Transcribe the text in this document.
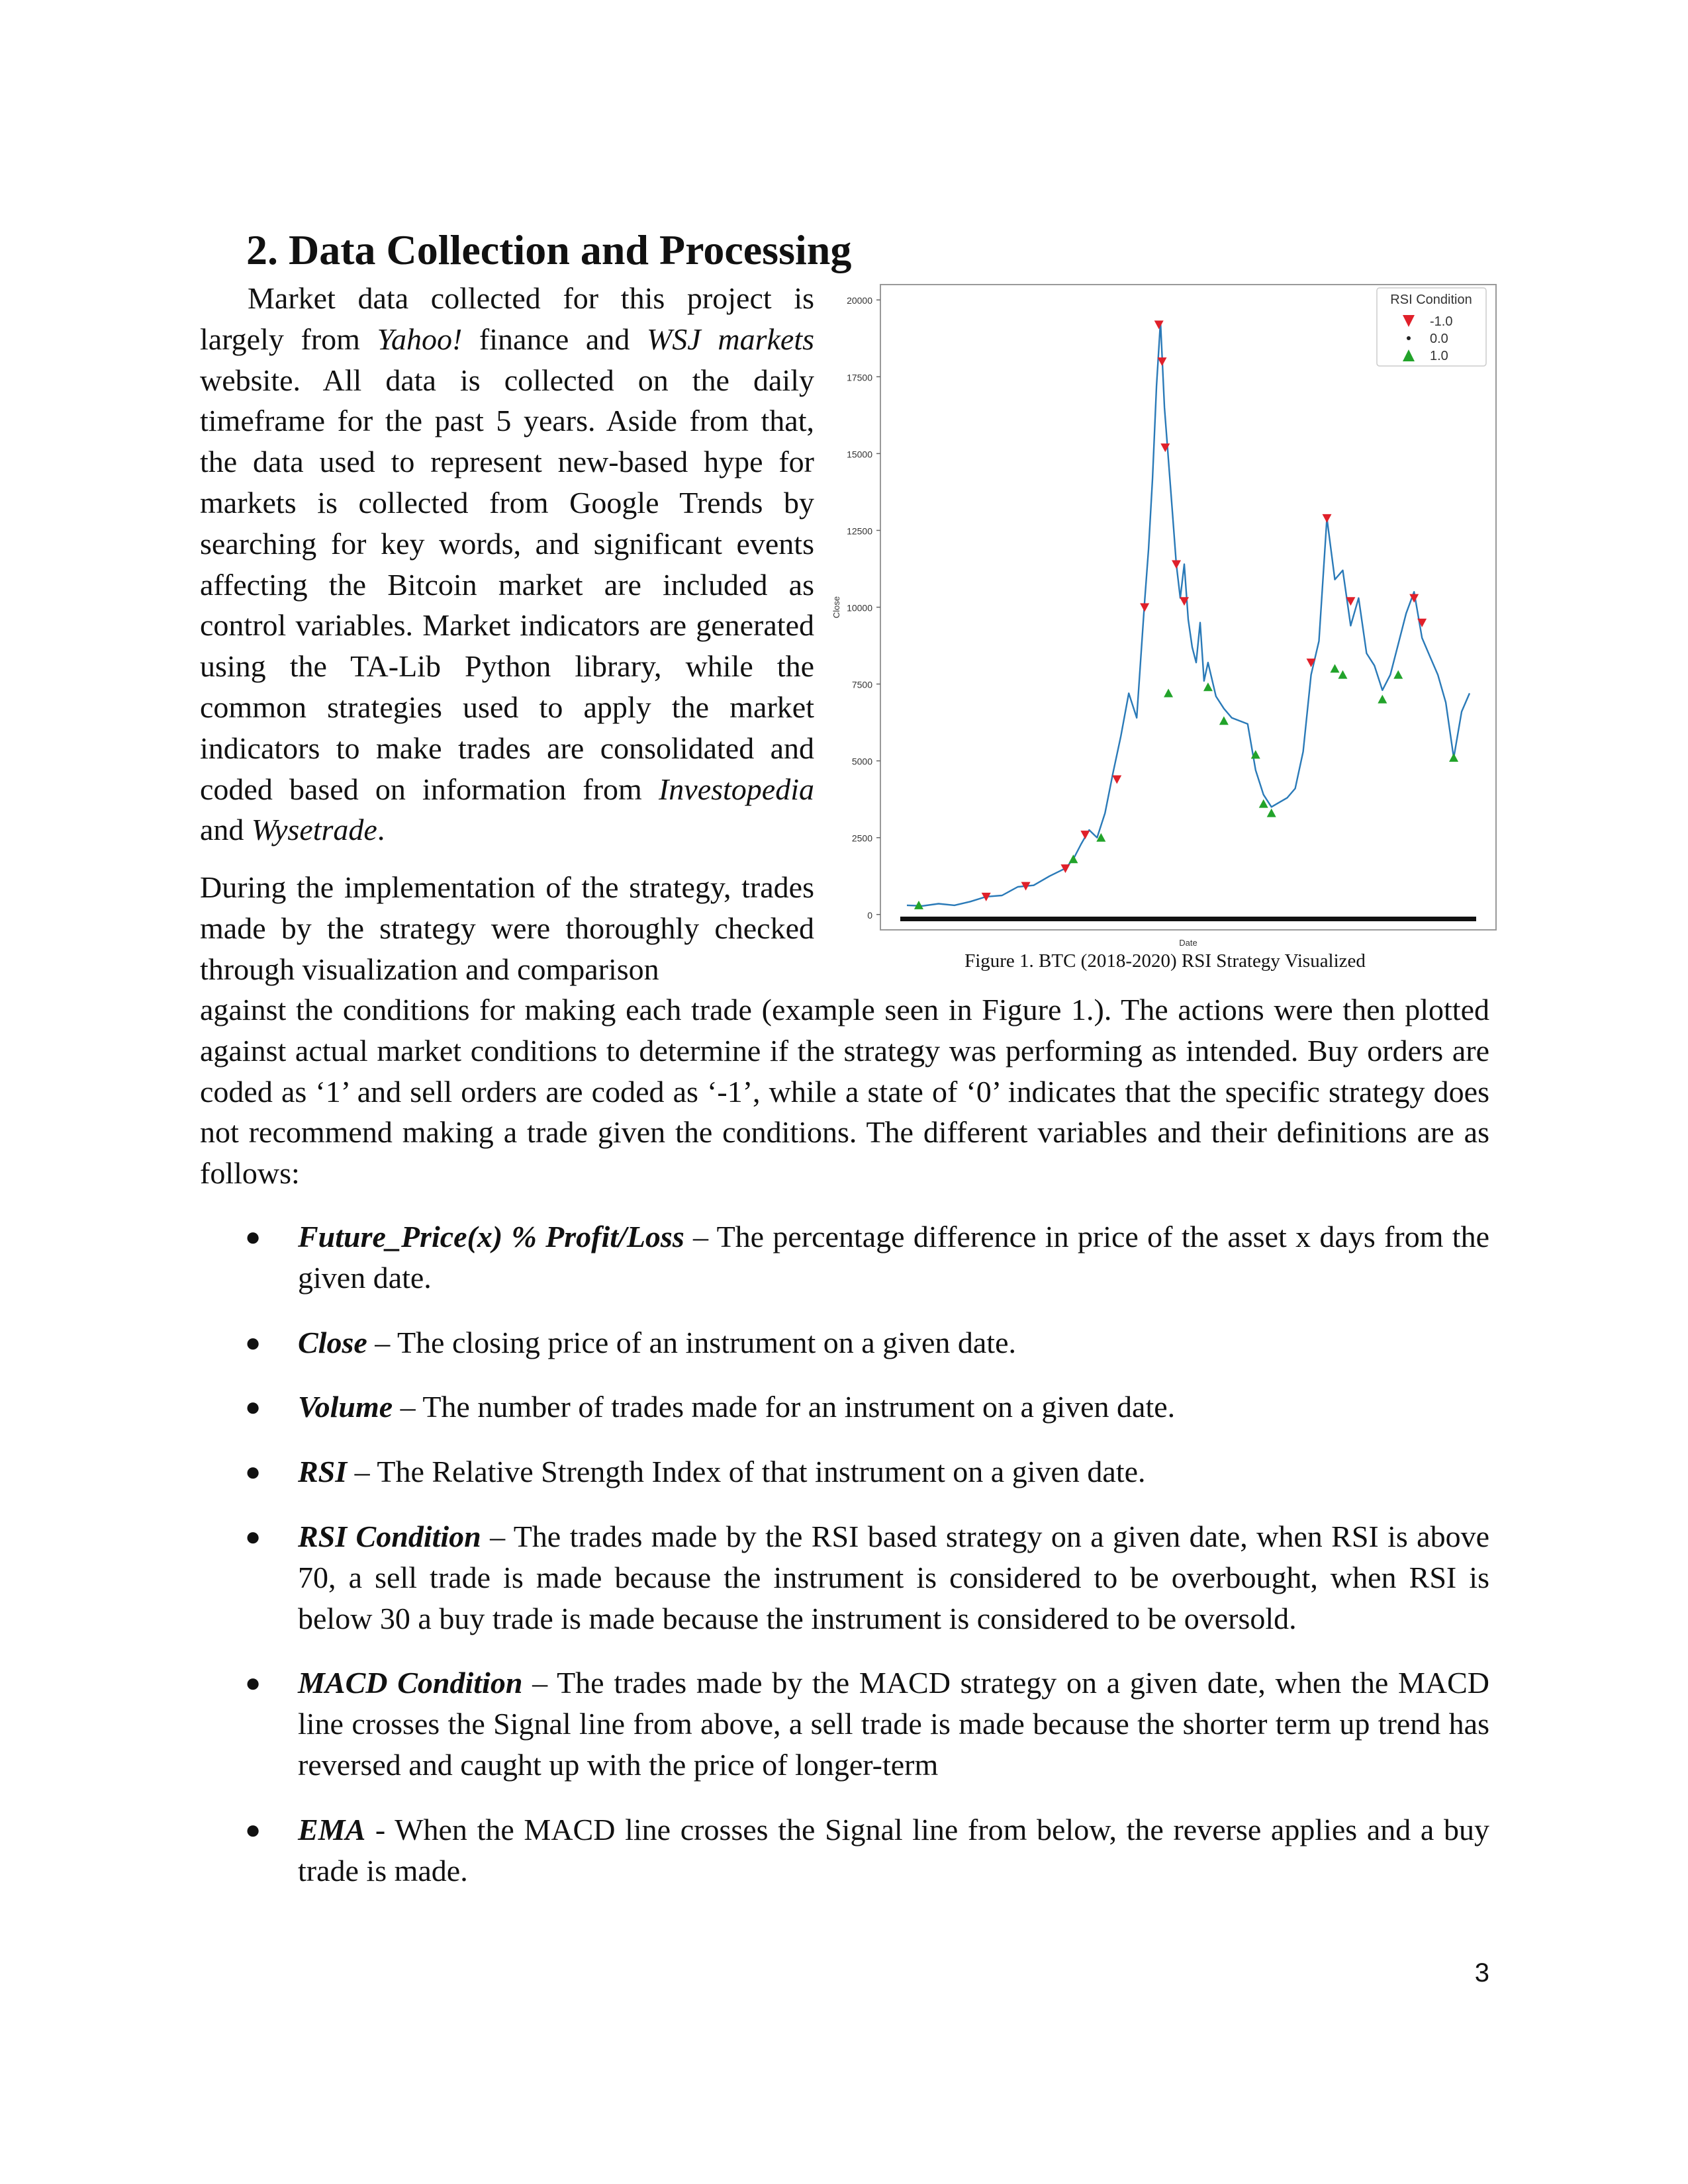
2. Data Collection and Processing

Market data collected for this project is largely from Yahoo! finance and WSJ markets website. All data is collected on the daily timeframe for the past 5 years. Aside from that, the data used to represent new-based hype for markets is collected from Google Trends by searching for key words, and significant events affecting the Bitcoin market are included as control variables. Market indicators are generated using the TA-Lib Python library, while the common strategies used to apply the market indicators to make trades are consolidated and coded based on information from Investopedia and Wysetrade.

During the implementation of the strategy, trades made by the strategy were thoroughly checked through visualization and comparison

0
2500
5000
7500
10000
12500
15000
17500
20000
Close
Date
RSI Condition
-1.0
0.0
1.0
Figure 1. BTC (2018-2020) RSI Strategy Visualized

against the conditions for making each trade (example seen in Figure 1.). The actions were then plotted against actual market conditions to determine if the strategy was performing as intended. Buy orders are coded as ‘1’ and sell orders are coded as ‘-1’, while a state of ‘0’ indicates that the specific strategy does not recommend making a trade given the conditions. The different variables and their definitions are as follows:

● Future_Price(x) % Profit/Loss – The percentage difference in price of the asset x days from the given date.
● Close – The closing price of an instrument on a given date.
● Volume – The number of trades made for an instrument on a given date.
● RSI – The Relative Strength Index of that instrument on a given date.
● RSI Condition – The trades made by the RSI based strategy on a given date, when RSI is above 70, a sell trade is made because the instrument is considered to be overbought, when RSI is below 30 a buy trade is made because the instrument is considered to be oversold.
● MACD Condition – The trades made by the MACD strategy on a given date, when the MACD line crosses the Signal line from above, a sell trade is made because the shorter term up trend has reversed and caught up with the price of longer-term
● EMA - When the MACD line crosses the Signal line from below, the reverse applies and a buy trade is made.
3
